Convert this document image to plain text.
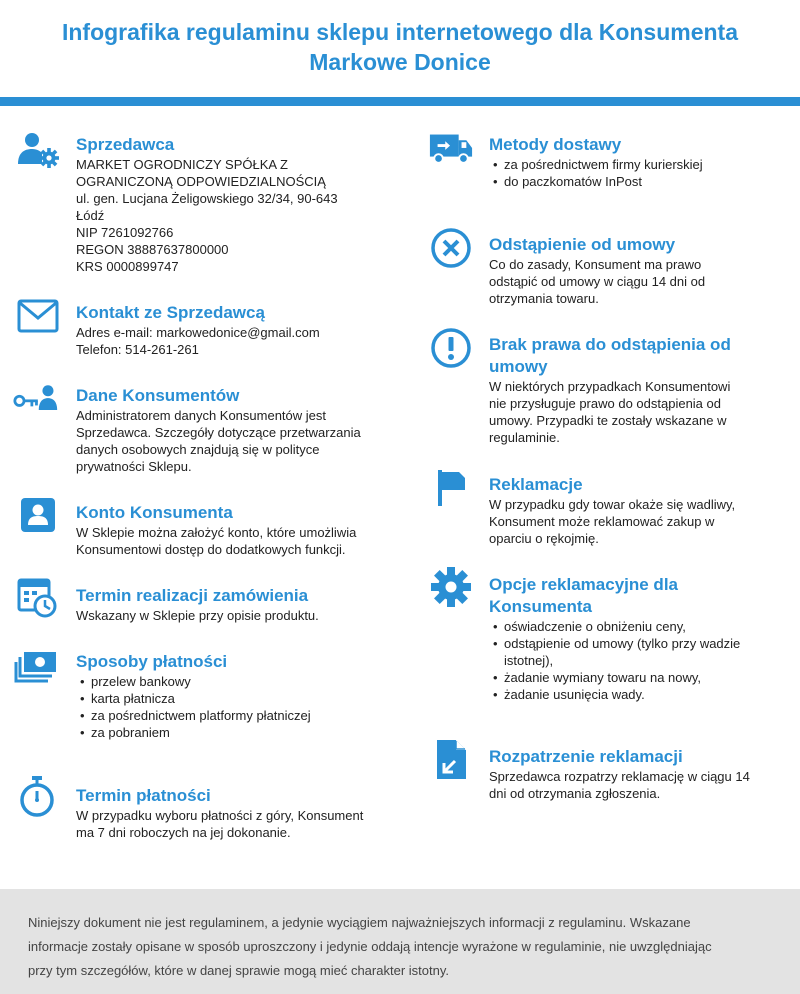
Infografika regulaminu sklepu internetowego dla Konsumenta
Markowe Donice
Sprzedawca
MARKET OGRODNICZY SPÓŁKA Z
OGRANICZONĄ ODPOWIEDZIALNOŚCIĄ
ul. gen. Lucjana Żeligowskiego 32/34, 90-643
Łódź
NIP 7261092766
REGON 38887637800000
KRS 0000899747
Kontakt ze Sprzedawcą
Adres e-mail: markowedonice@gmail.com
Telefon: 514-261-261
Dane Konsumentów
Administratorem danych Konsumentów jest
Sprzedawca. Szczegóły dotyczące przetwarzania
danych osobowych znajdują się w polityce
prywatności Sklepu.
Konto Konsumenta
W Sklepie można założyć konto, które umożliwia
Konsumentowi dostęp do dodatkowych funkcji.
Termin realizacji zamówienia
Wskazany w Sklepie przy opisie produktu.
Sposoby płatności
• przelew bankowy
• karta płatnicza
• za pośrednictwem platformy płatniczej
• za pobraniem
Termin płatności
W przypadku wyboru płatności z góry, Konsument
ma 7 dni roboczych na jej dokonanie.
Metody dostawy
• za pośrednictwem firmy kurierskiej
• do paczkomatów InPost
Odstąpienie od umowy
Co do zasady, Konsument ma prawo
odstąpić od umowy w ciągu 14 dni od
otrzymania towaru.
Brak prawa do odstąpienia od
umowy
W niektórych przypadkach Konsumentowi
nie przysługuje prawo do odstąpienia od
umowy. Przypadki te zostały wskazane w
regulaminie.
Reklamacje
W przypadku gdy towar okaże się wadliwy,
Konsument może reklamować zakup w
oparciu o rękojmię.
Opcje reklamacyjne dla
Konsumenta
• oświadczenie o obniżeniu ceny,
• odstąpienie od umowy (tylko przy wadzie istotnej),
• żadanie wymiany towaru na nowy,
• żadanie usunięcia wady.
Rozpatrzenie reklamacji
Sprzedawca rozpatrzy reklamację w ciągu 14
dni od otrzymania zgłoszenia.
Niniejszy dokument nie jest regulaminem, a jedynie wyciągiem najważniejszych informacji z regulaminu. Wskazane
informacje zostały opisane w sposób uproszczony i jedynie oddają intencje wyrażone w regulaminie, nie uwzględniając
przy tym szczegółów, które w danej sprawie mogą mieć charakter istotny.
